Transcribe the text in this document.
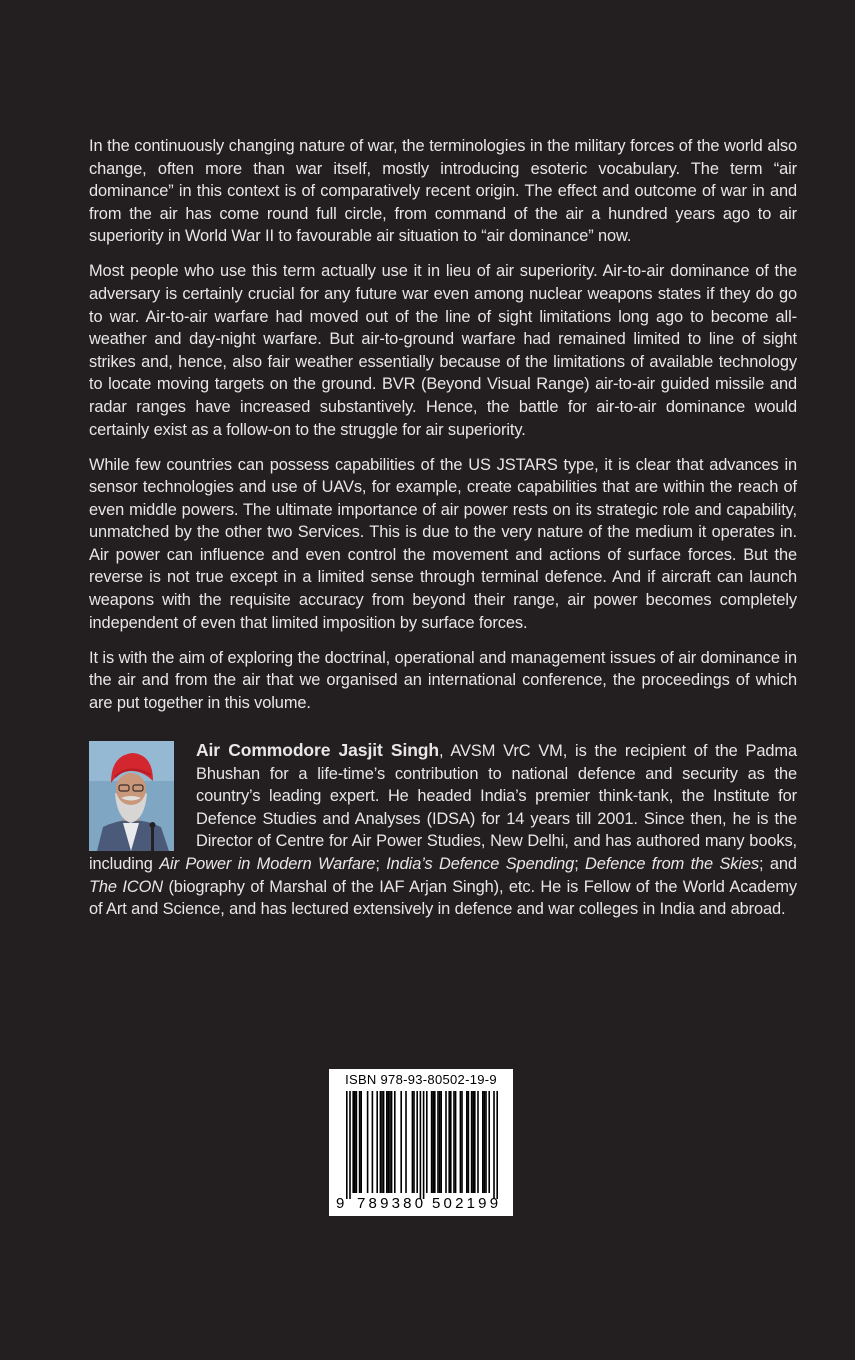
In the continuously changing nature of war, the terminologies in the military forces of the world also change, often more than war itself, mostly introducing esoteric vocabulary. The term “air dominance” in this context is of comparatively recent origin. The effect and outcome of war in and from the air has come round full circle, from command of the air a hundred years ago to air superiority in World War II to favourable air situation to “air dominance” now.

Most people who use this term actually use it in lieu of air superiority. Air-to-air dominance of the adversary is certainly crucial for any future war even among nuclear weapons states if they do go to war. Air-to-air warfare had moved out of the line of sight limitations long ago to become all-weather and day-night warfare. But air-to-ground warfare had remained limited to line of sight strikes and, hence, also fair weather essentially because of the limitations of available technology to locate moving targets on the ground. BVR (Beyond Visual Range) air-to-air guided missile and radar ranges have increased substantively. Hence, the battle for air-to-air dominance would certainly exist as a follow-on to the struggle for air superiority.

While few countries can possess capabilities of the US JSTARS type, it is clear that advances in sensor technologies and use of UAVs, for example, create capabilities that are within the reach of even middle powers. The ultimate importance of air power rests on its strategic role and capability, unmatched by the other two Services. This is due to the very nature of the medium it operates in. Air power can influence and even control the movement and actions of surface forces. But the reverse is not true except in a limited sense through terminal defence. And if aircraft can launch weapons with the requisite accuracy from beyond their range, air power becomes completely independent of even that limited imposition by surface forces.

It is with the aim of exploring the doctrinal, operational and management issues of air dominance in the air and from the air that we organised an international conference, the proceedings of which are put together in this volume.

Air Commodore Jasjit Singh, AVSM VrC VM, is the recipient of the Padma Bhushan for a life-time’s contribution to national defence and security as the country’s leading expert. He headed India’s premier think-tank, the Institute for Defence Studies and Analyses (IDSA) for 14 years till 2001. Since then, he is the Director of Centre for Air Power Studies, New Delhi, and has authored many books, including Air Power in Modern Warfare; India’s Defence Spending; Defence from the Skies; and The ICON (biography of Marshal of the IAF Arjan Singh), etc. He is Fellow of the World Academy of Art and Science, and has lectured extensively in defence and war colleges in India and abroad.
ISBN 978-93-80502-19-9
9 789380 502199
